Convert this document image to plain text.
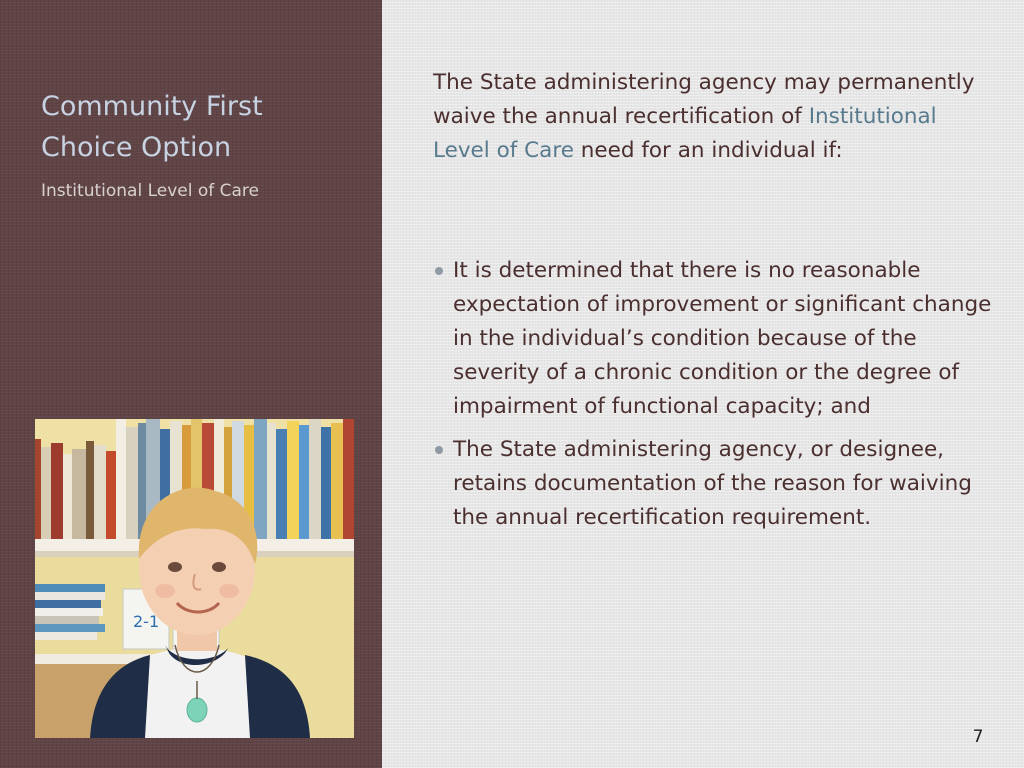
Community First
Choice Option
Institutional Level of Care
2-1

The State administering agency may permanently waive the annual recertification of Institutional Level of Care need for an individual if:

It is determined that there is no reasonable expectation of improvement or significant change in the individual’s condition because of the severity of a chronic condition or the degree of impairment of functional capacity; and
The State administering agency, or designee, retains documentation of the reason for waiving the annual recertification requirement.
7
